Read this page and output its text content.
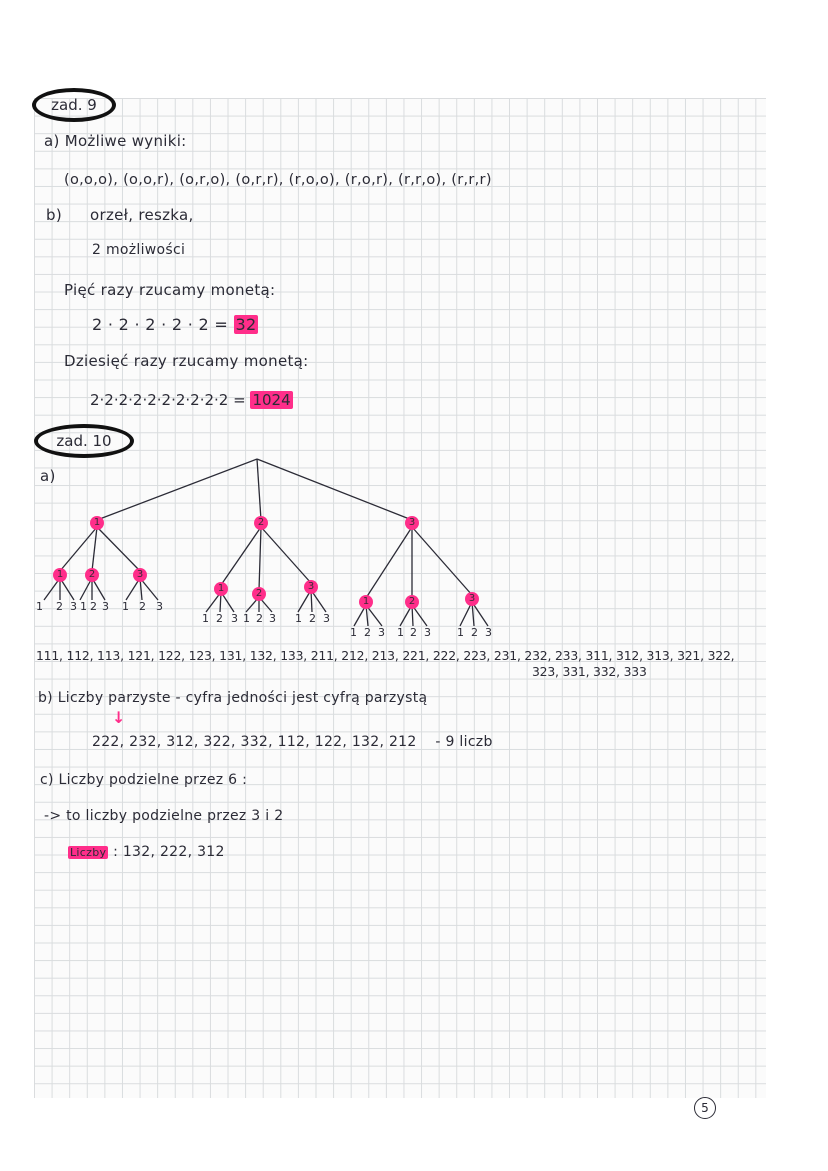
zad. 9
a) Możliwe wyniki:
(o,o,o), (o,o,r), (o,r,o), (o,r,r), (r,o,o), (r,o,r), (r,r,o), (r,r,r)
b) orzeł, reszka,
2 możliwości
Pięć razy rzucamy monetą:
2 · 2 · 2 · 2 · 2 = 32
Dziesięć razy rzucamy monetą:
2·2·2·2·2·2·2·2·2·2 = 1024
zad. 10
a)
1	2	3
1	2	3
1	2
3
1	2	3
1 2 3 1 2 3 1 2 3
1 2 3 1 2 3 1 2 3
1 2 3 1 2 3 1 2 3
111, 112, 113, 121, 122, 123, 131, 132, 133, 211, 212, 213, 221, 222, 223, 231, 232, 233, 311, 312, 313, 321, 322,
323, 331, 332, 333
b) Liczby parzyste - cyfra jedności jest cyfrą parzystą
↓
222, 232, 312, 322, 332, 112, 122, 132, 212 - 9 liczb
c) Liczby podzielne przez 6 :
-> to liczby podzielne przez 3 i 2
Liczby : 132, 222, 312
5
